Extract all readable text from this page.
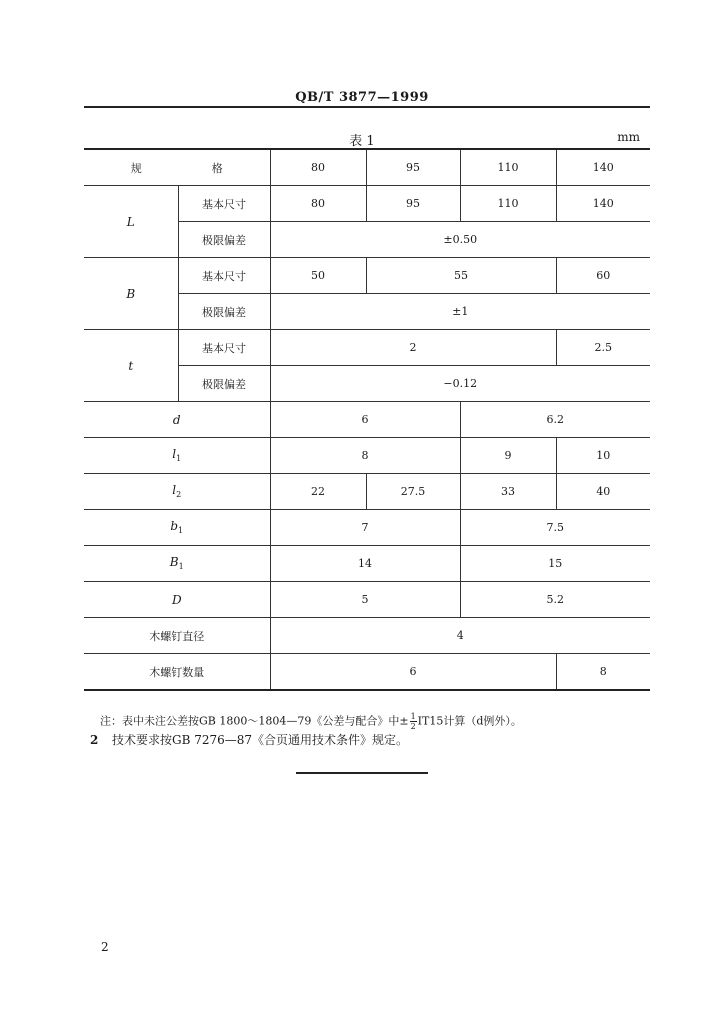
QB/T 3877—1999
表 1	mm
规 格		80	95	110	140
L	基本尺寸	80	95	110	140
	极限偏差	±0.50			
B	基本尺寸	50	55		60
	极限偏差	±1			
t	基本尺寸	2			2.5
	极限偏差	−0.12			
d		6		6.2	
$l_1$		8		9	10
$l_2$		22	27.5	33	40
$b_1$		7		7.5	
$B_1$		14		15	
D		5		5.2	
木螺钉直径		4			
木螺钉数量		6			8
注：表中未注公差按GB 1800～1804—79《公差与配合》中± $\frac{1}{2} IT15$计算（d例外）。
2 技术要求按GB 7276—87《合页通用技术条件》规定。
2
